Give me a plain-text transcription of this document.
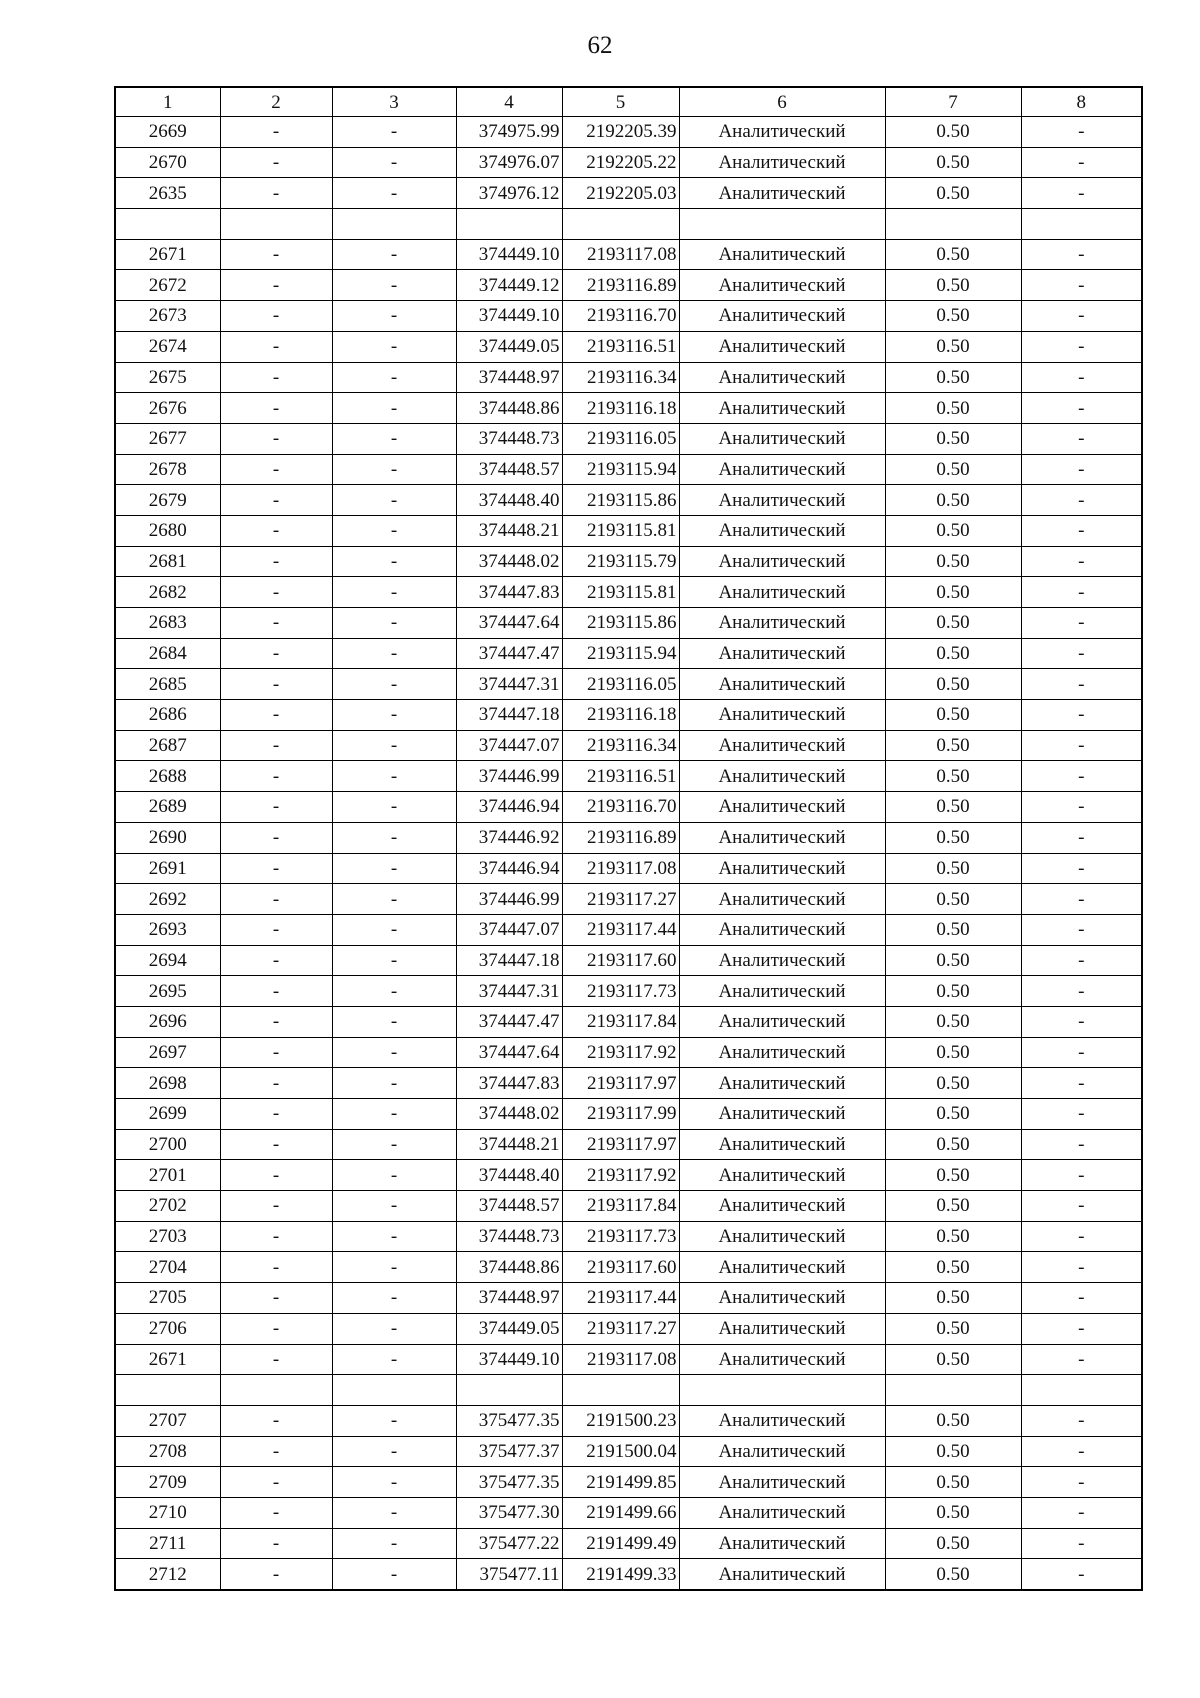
62
1	2	3	4	5	6	7	8
2669	-	-	374975.99	2192205.39	Аналитический	0.50	-
2670	-	-	374976.07	2192205.22	Аналитический	0.50	-
2635	-	-	374976.12	2192205.03	Аналитический	0.50	-

2671	-	-	374449.10	2193117.08	Аналитический	0.50	-
2672	-	-	374449.12	2193116.89	Аналитический	0.50	-
2673	-	-	374449.10	2193116.70	Аналитический	0.50	-
2674	-	-	374449.05	2193116.51	Аналитический	0.50	-
2675	-	-	374448.97	2193116.34	Аналитический	0.50	-
2676	-	-	374448.86	2193116.18	Аналитический	0.50	-
2677	-	-	374448.73	2193116.05	Аналитический	0.50	-
2678	-	-	374448.57	2193115.94	Аналитический	0.50	-
2679	-	-	374448.40	2193115.86	Аналитический	0.50	-
2680	-	-	374448.21	2193115.81	Аналитический	0.50	-
2681	-	-	374448.02	2193115.79	Аналитический	0.50	-
2682	-	-	374447.83	2193115.81	Аналитический	0.50	-
2683	-	-	374447.64	2193115.86	Аналитический	0.50	-
2684	-	-	374447.47	2193115.94	Аналитический	0.50	-
2685	-	-	374447.31	2193116.05	Аналитический	0.50	-
2686	-	-	374447.18	2193116.18	Аналитический	0.50	-
2687	-	-	374447.07	2193116.34	Аналитический	0.50	-
2688	-	-	374446.99	2193116.51	Аналитический	0.50	-
2689	-	-	374446.94	2193116.70	Аналитический	0.50	-
2690	-	-	374446.92	2193116.89	Аналитический	0.50	-
2691	-	-	374446.94	2193117.08	Аналитический	0.50	-
2692	-	-	374446.99	2193117.27	Аналитический	0.50	-
2693	-	-	374447.07	2193117.44	Аналитический	0.50	-
2694	-	-	374447.18	2193117.60	Аналитический	0.50	-
2695	-	-	374447.31	2193117.73	Аналитический	0.50	-
2696	-	-	374447.47	2193117.84	Аналитический	0.50	-
2697	-	-	374447.64	2193117.92	Аналитический	0.50	-
2698	-	-	374447.83	2193117.97	Аналитический	0.50	-
2699	-	-	374448.02	2193117.99	Аналитический	0.50	-
2700	-	-	374448.21	2193117.97	Аналитический	0.50	-
2701	-	-	374448.40	2193117.92	Аналитический	0.50	-
2702	-	-	374448.57	2193117.84	Аналитический	0.50	-
2703	-	-	374448.73	2193117.73	Аналитический	0.50	-
2704	-	-	374448.86	2193117.60	Аналитический	0.50	-
2705	-	-	374448.97	2193117.44	Аналитический	0.50	-
2706	-	-	374449.05	2193117.27	Аналитический	0.50	-
2671	-	-	374449.10	2193117.08	Аналитический	0.50	-

2707	-	-	375477.35	2191500.23	Аналитический	0.50	-
2708	-	-	375477.37	2191500.04	Аналитический	0.50	-
2709	-	-	375477.35	2191499.85	Аналитический	0.50	-
2710	-	-	375477.30	2191499.66	Аналитический	0.50	-
2711	-	-	375477.22	2191499.49	Аналитический	0.50	-
2712	-	-	375477.11	2191499.33	Аналитический	0.50	-
